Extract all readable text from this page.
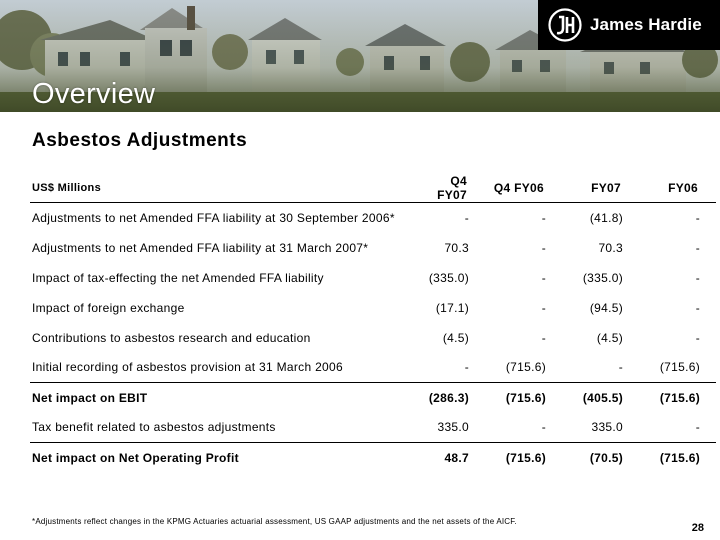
James Hardie
Overview
Asbestos Adjustments
US$ Millions	Q4 FY07	Q4 FY06	FY07	FY06
Adjustments to net Amended FFA liability at 30 September 2006*	-	-	(41.8)	-
Adjustments to net Amended FFA liability at 31 March 2007*	70.3	-	70.3	-
Impact of tax-effecting the net Amended FFA liability	(335.0)	-	(335.0)	-
Impact of foreign exchange	(17.1)	-	(94.5)	-
Contributions to asbestos research and education	(4.5)	-	(4.5)	-
Initial recording of asbestos provision at 31 March 2006	-	(715.6)	-	(715.6)
Net impact on EBIT	(286.3)	(715.6)	(405.5)	(715.6)
Tax benefit related to asbestos adjustments	335.0	-	335.0	-
Net impact on Net Operating Profit	48.7	(715.6)	(70.5)	(715.6)
*Adjustments reflect changes in the KPMG Actuaries actuarial assessment, US GAAP adjustments and the net assets of the AICF.
28
